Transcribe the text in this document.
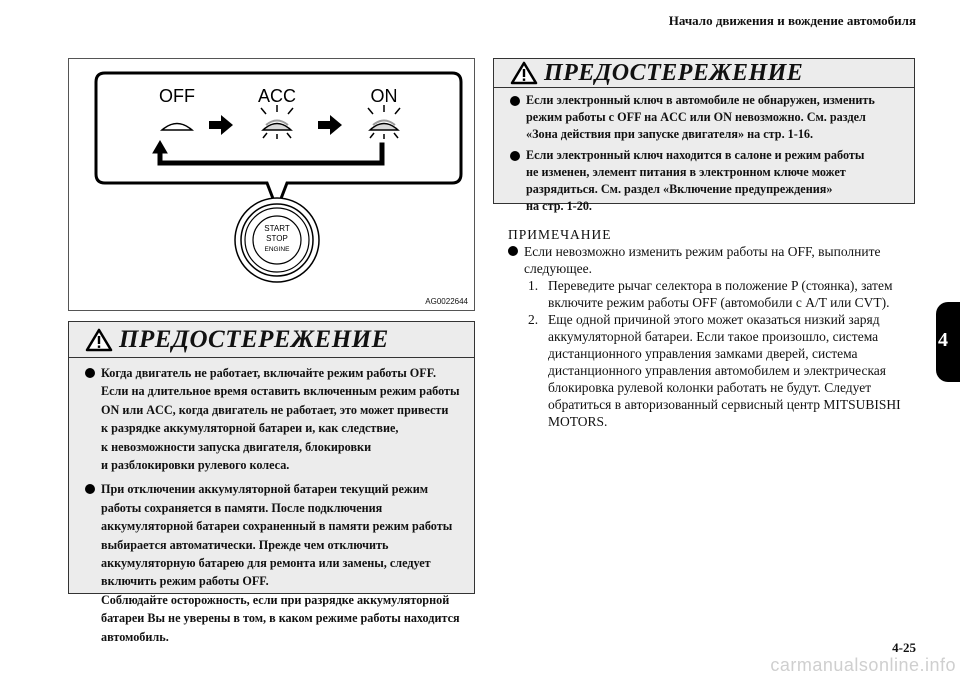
Начало движения и вождение автомобиля
4
OFF	ACC	ON
START
STOP
ENGINE
AG0022644
ПРЕДОСТЕРЕЖЕНИЕ
Когда двигатель не работает, включайте режим работы OFF.
Если на длительное время оставить включенным режим работы
ON или ACC, когда двигатель не работает, это может привести
к разрядке аккумуляторной батареи и, как следствие,
к невозможности запуска двигателя, блокировки
и разблокировки рулевого колеса.
При отключении аккумуляторной батареи текущий режим
работы сохраняется в памяти. После подключения
аккумуляторной батареи сохраненный в памяти режим работы
выбирается автоматически. Прежде чем отключить
аккумуляторную батарею для ремонта или замены, следует
включить режим работы OFF.
Соблюдайте осторожность, если при разрядке аккумуляторной
батареи Вы не уверены в том, в каком режиме работы находится
автомобиль.
ПРЕДОСТЕРЕЖЕНИЕ
Если электронный ключ в автомобиле не обнаружен, изменить
режим работы с OFF на ACC или ON невозможно. См. раздел
«Зона действия при запуске двигателя» на стр. 1-16.
Если электронный ключ находится в салоне и режим работы
не изменен, элемент питания в электронном ключе может
разрядиться. См. раздел «Включение предупреждения»
на стр. 1-20.
ПРИМЕЧАНИЕ
Если невозможно изменить режим работы на OFF, выполните
следующее.
1. Переведите рычаг селектора в положение P (стоянка), затем
включите режим работы OFF (автомобили с A/T или CVT).
2. Еще одной причиной этого может оказаться низкий заряд
аккумуляторной батареи. Если такое произошло, система
дистанционного управления замками дверей, система
дистанционного управления автомобилем и электрическая
блокировка рулевой колонки работать не будут. Следует
обратиться в авторизованный сервисный центр MITSUBISHI
MOTORS.
4-25
carmanualsonline.info
